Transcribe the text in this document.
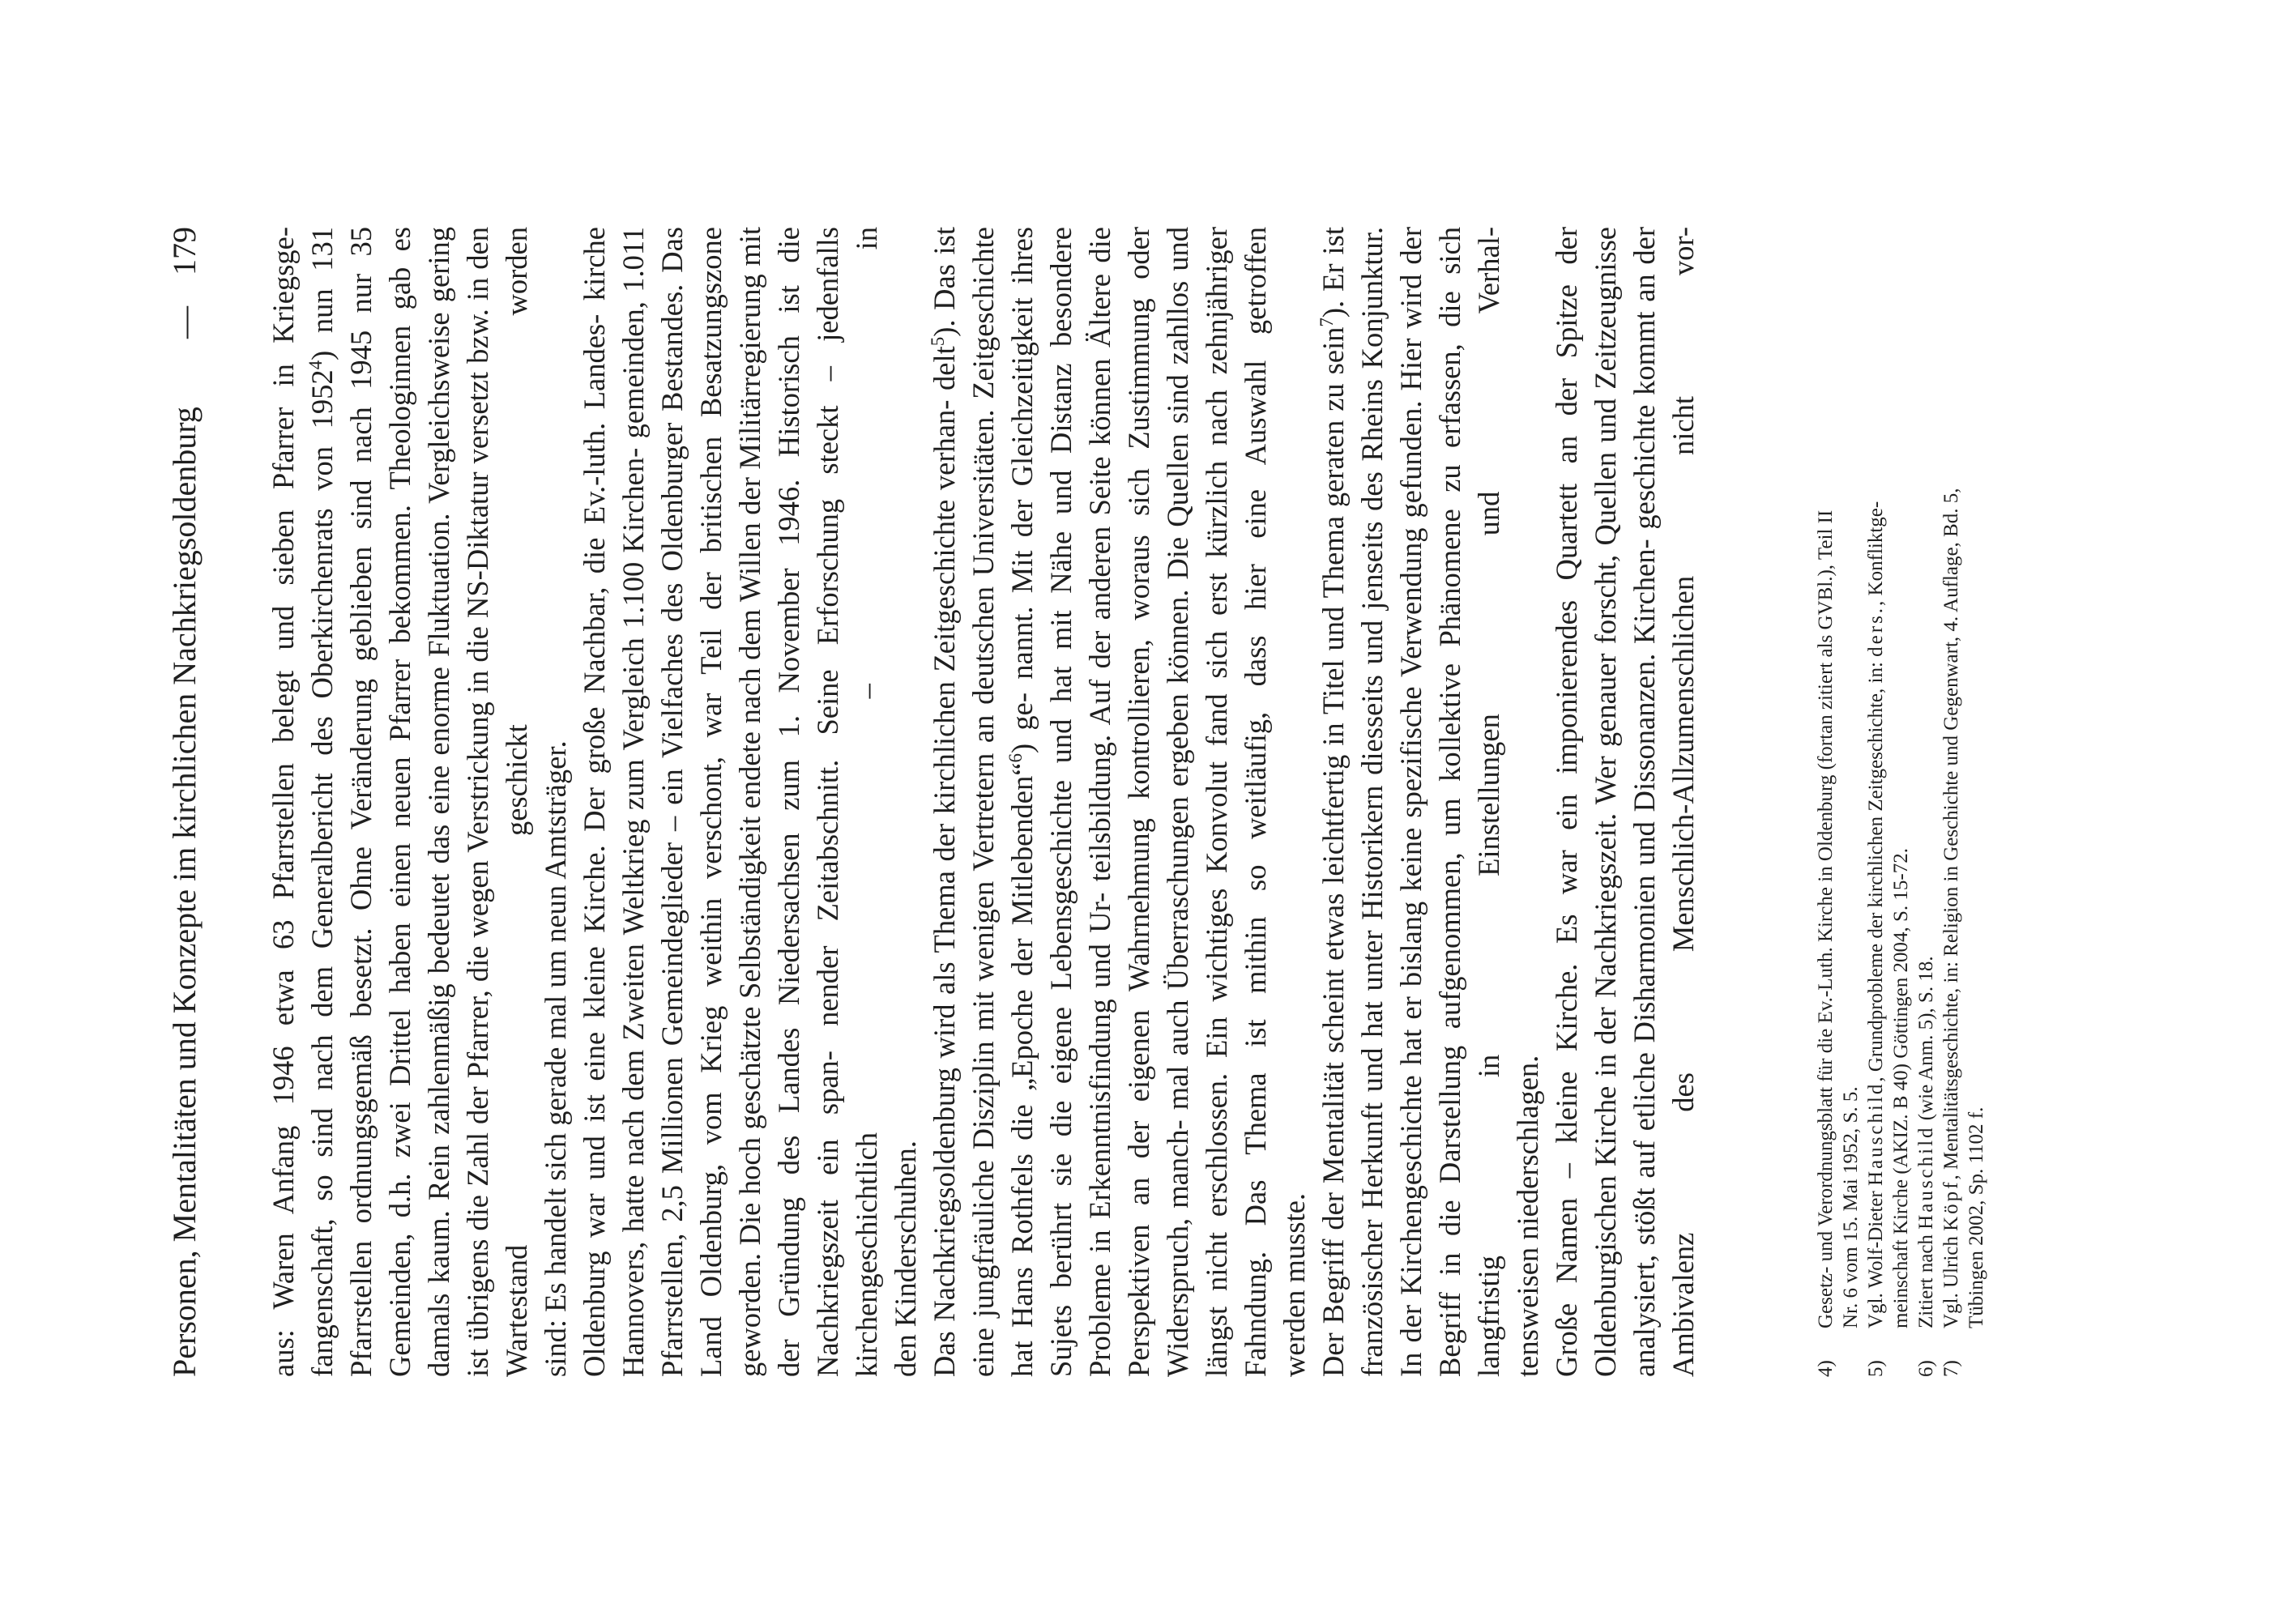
Personen, Mentalitäten und Konzepte im kirchlichen Nachkriegsoldenburg
—
179 aus: Waren Anfang 1946 etwa 63 Pfarrstellen belegt und sieben Pfarrer in Kriegsge- fangenschaft, so sind nach dem Generalbericht des Oberkirchenrats von 1952$^4$) nun 131 Pfarrstellen ordnungsgemäß besetzt. Ohne Veränderung geblieben sind nach 1945 nur 35 Gemeinden, d.h. zwei Drittel haben einen neuen Pfarrer bekommen. Theologinnen gab es damals kaum. Rein zahlenmäßig bedeutet das eine enorme Fluktuation. Vergleichsweise gering ist übrigens die Zahl der Pfarrer, die wegen Verstrickung in die NS-Diktatur versetzt bzw. in den Wartestand geschickt worden sind: Es handelt sich gerade mal um neun Amtsträger. Oldenburg war und ist eine kleine Kirche. Der große Nachbar, die Ev.-luth. Landes- kirche Hannovers, hatte nach dem Zweiten Weltkrieg zum Vergleich 1.100 Kirchen- gemeinden, 1.011 Pfarrstellen, 2,5 Millionen Gemeindeglieder – ein Vielfaches des Oldenburger Bestandes. Das Land Oldenburg, vom Krieg weithin verschont, war Teil der britischen Besatzungszone geworden. Die hoch geschätzte Selbständigkeit endete nach dem Willen der Militärregierung mit der Gründung des Landes Niedersachsen zum 1. November 1946. Historisch ist die Nachkriegszeit ein span- nender Zeitabschnitt. Seine Erforschung steckt – jedenfalls kirchengeschichtlich – in den Kinderschuhen. Das Nachkriegsoldenburg wird als Thema der kirchlichen Zeitgeschichte verhan- delt$^5$). Das ist eine jungfräuliche Disziplin mit wenigen Vertretern an deutschen Universitäten. Zeitgeschichte hat Hans Rothfels die „Epoche der Mitlebenden“$^6$) ge- nannt. Mit der Gleichzeitigkeit ihres Sujets berührt sie die eigene Lebensgeschichte und hat mit Nähe und Distanz besondere Probleme in Erkenntnisfindung und Ur- teilsbildung. Auf der anderen Seite können Ältere die Perspektiven an der eigenen Wahrnehmung kontrollieren, woraus sich Zustimmung oder Widerspruch, manch- mal auch Überraschungen ergeben können. Die Quellen sind zahllos und längst nicht erschlossen. Ein wichtiges Konvolut fand sich erst kürzlich nach zehnjähriger Fahndung. Das Thema ist mithin so weitläufig, dass hier eine Auswahl getroffen werden musste. Der Begriff der Mentalität scheint etwas leichtfertig in Titel und Thema geraten zu sein$^7$). Er ist französischer Herkunft und hat unter Historikern diesseits und jenseits des Rheins Konjunktur. In der Kirchengeschichte hat er bislang keine spezifische Verwendung gefunden. Hier wird der Begriff in die Darstellung aufgenommen, um kollektive Phänomene zu erfassen, die sich langfristig in Einstellungen und Verhal- tensweisen niederschlagen. Große Namen – kleine Kirche. Es war ein imponierendes Quartett an der Spitze der Oldenburgischen Kirche in der Nachkriegszeit. Wer genauer forscht, Quellen und Zeitzeugnisse analysiert, stößt auf etliche Disharmonien und Dissonanzen. Kirchen- geschichte kommt an der Ambivalenz des Menschlich-Allzumenschlichen nicht vor-	4)
Gesetz- und Verordnungsblatt für die Ev.-Luth. Kirche in Oldenburg (fortan zitiert als GVBl.), Teil II Nr. 6 vom 15. Mai 1952, S. 5.
5)
Vgl. Wolf-Dieter Hauschild, Grundprobleme der kirchlichen Zeitgeschichte, in: ders., Konfliktge-
meinschaft Kirche (AKIZ. B 40) Göttingen 2004, S. 15-72.
6)
Zitiert nach Hauschild (wie Anm. 5), S. 18.
7)
Vgl. Ulrich Köpf, Mentalitätsgeschichte, in: Religion in Geschichte und Gegenwart, 4. Auflage, Bd. 5,
Tübingen 2002, Sp. 1102 f.
